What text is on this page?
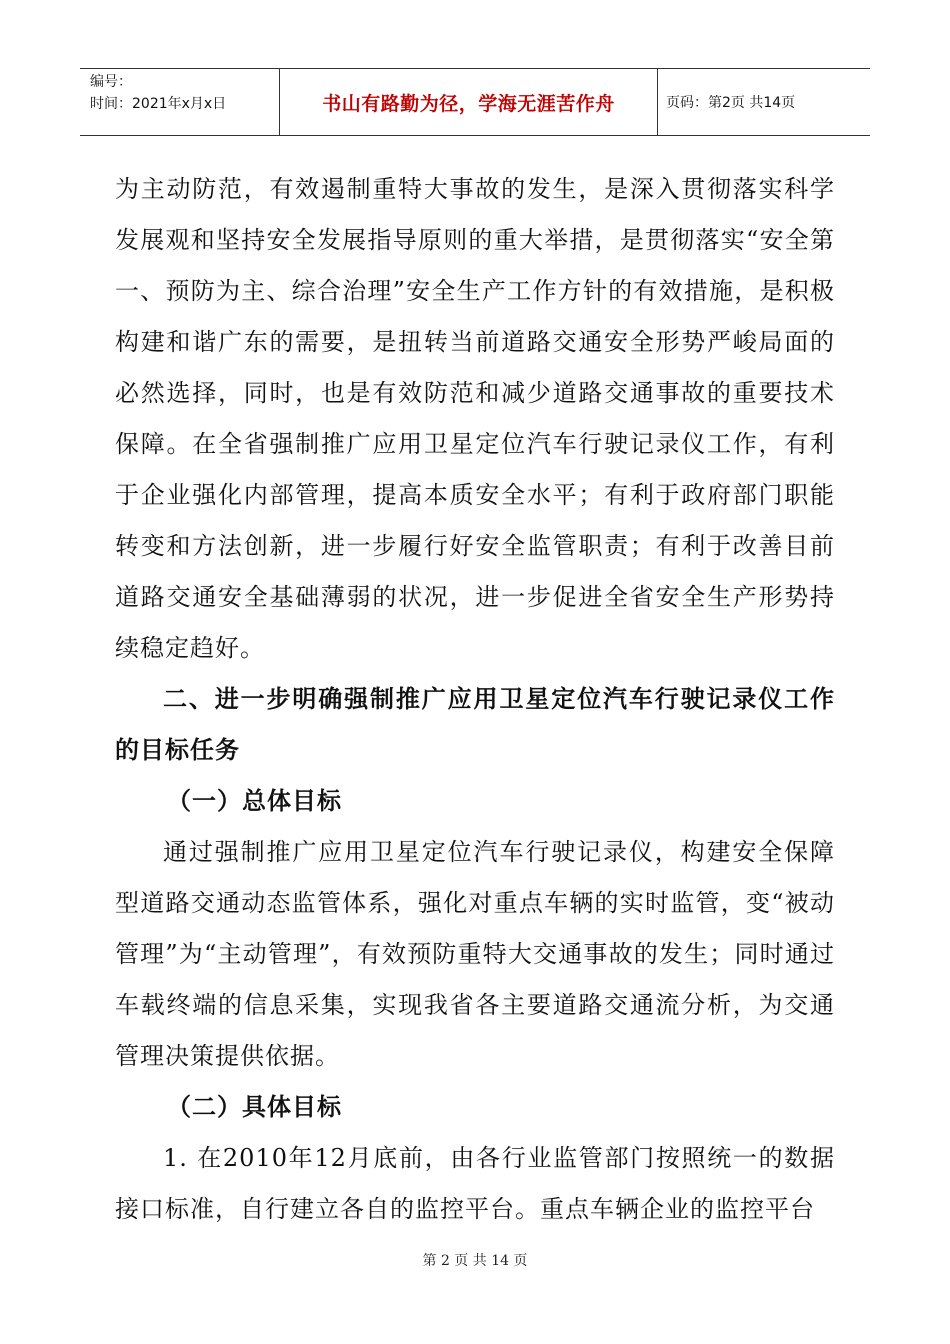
编号：
时间：2021年x月x日	书山有路勤为径，学海无涯苦作舟	页码：第2页 共14页

为主动防范，有效遏制重特大事故的发生，是深入贯彻落实科学发展观和坚持安全发展指导原则的重大举措，是贯彻落实“安全第一、预防为主、综合治理”安全生产工作方针的有效措施，是积极构建和谐广东的需要，是扭转当前道路交通安全形势严峻局面的必然选择，同时，也是有效防范和减少道路交通事故的重要技术保障。在全省强制推广应用卫星定位汽车行驶记录仪工作，有利于企业强化内部管理，提高本质安全水平；有利于政府部门职能转变和方法创新，进一步履行好安全监管职责；有利于改善目前道路交通安全基础薄弱的状况，进一步促进全省安全生产形势持续稳定趋好。

二、进一步明确强制推广应用卫星定位汽车行驶记录仪工作的目标任务

（一）总体目标

通过强制推广应用卫星定位汽车行驶记录仪，构建安全保障型道路交通动态监管体系，强化对重点车辆的实时监管，变“被动管理”为“主动管理”，有效预防重特大交通事故的发生；同时通过车载终端的信息采集，实现我省各主要道路交通流分析，为交通管理决策提供依据。

（二）具体目标

1. 在2010年12月底前，由各行业监管部门按照统一的数据接口标准，自行建立各自的监控平台。重点车辆企业的监控平台

第 2 页 共 14 页
